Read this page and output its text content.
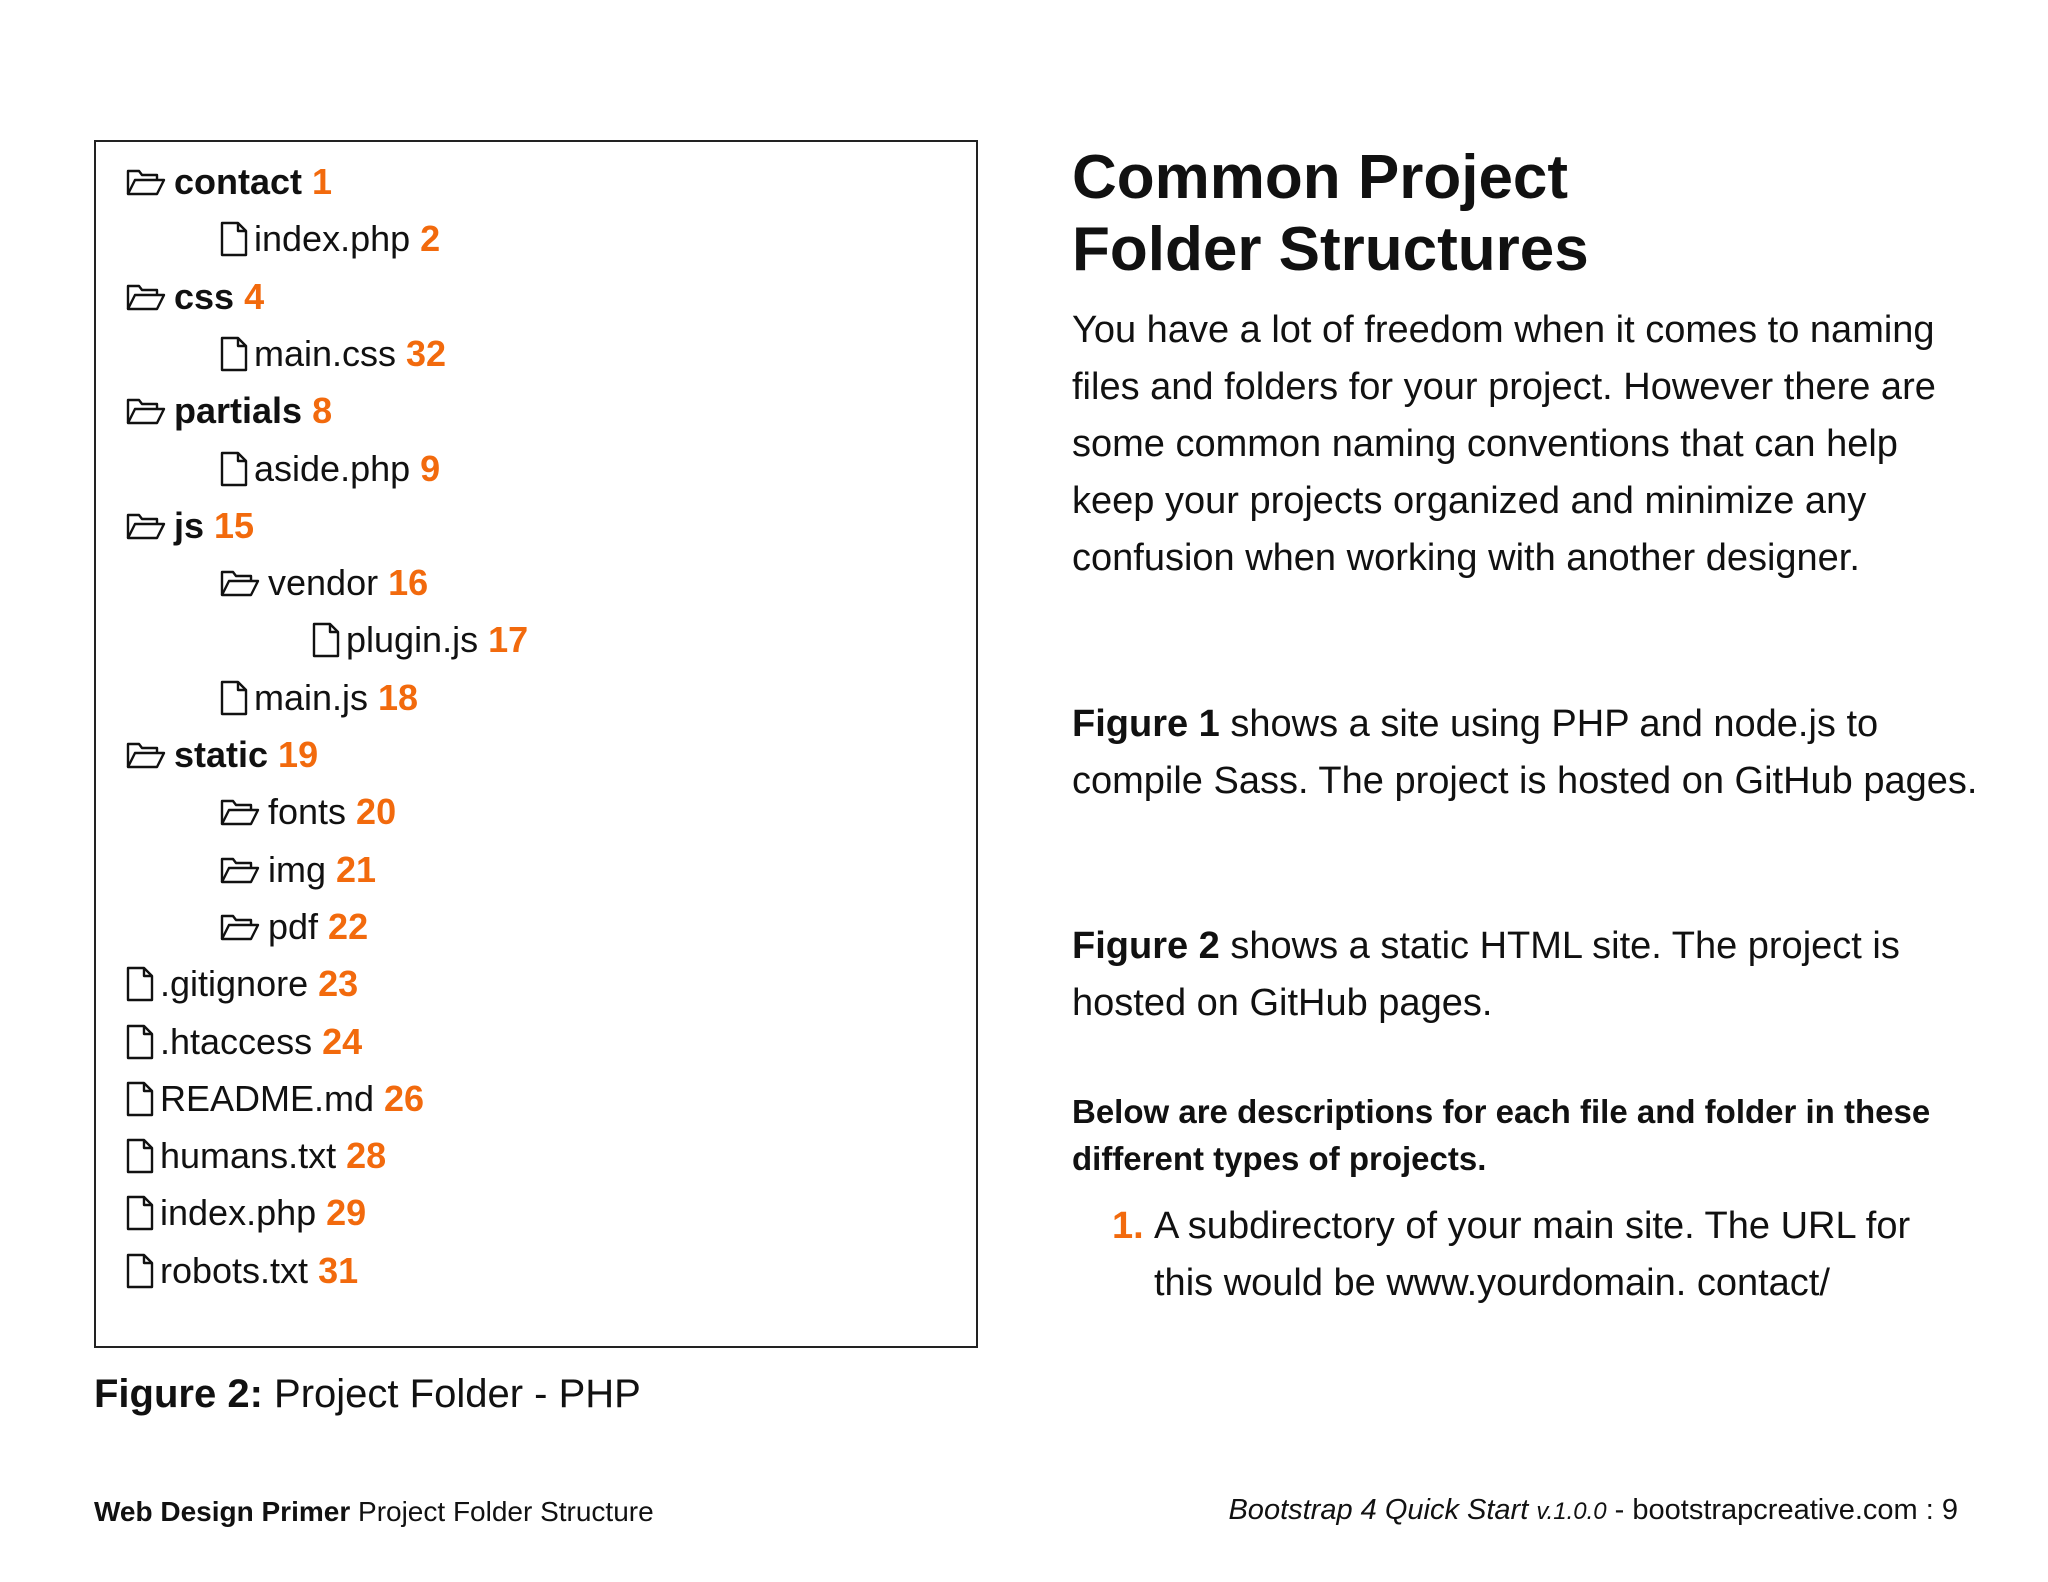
contact 1
index.php 2
css 4
main.css 32
partials 8
aside.php 9
js 15
vendor 16
plugin.js 17
main.js 18
static 19
fonts 20
img 21
pdf 22
.gitignore 23
.htaccess 24
README.md 26
humans.txt 28
index.php 29
robots.txt 31
Figure 2: Project Folder - PHP
Common Project
Folder Structures

You have a lot of freedom when it comes to naming files and folders for your project. However there are some common naming conventions that can help keep your projects organized and minimize any confusion when working with another designer.

Figure 1 shows a site using PHP and node.js to compile Sass. The project is hosted on GitHub pages.

Figure 2 shows a static HTML site. The project is hosted on GitHub pages.

Below are descriptions for each file and folder in these different types of projects.

1. A subdirectory of your main site. The URL for this would be www.yourdomain. contact/
Web Design Primer Project Folder Structure	Bootstrap 4 Quick Start v.1.0.0 - bootstrapcreative.com : 9
